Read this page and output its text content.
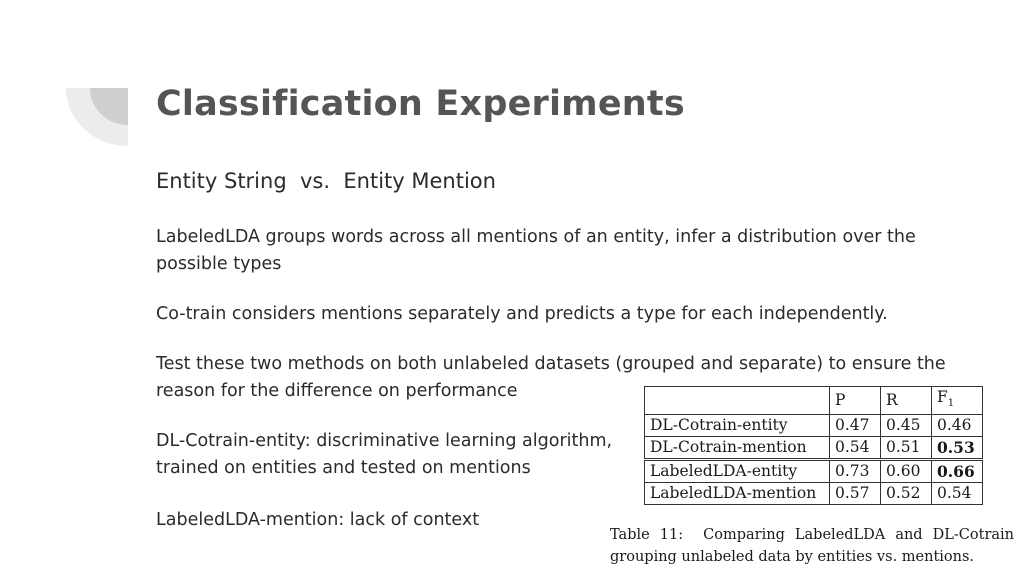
Classification Experiments
Entity String  vs.  Entity Mention
LabeledLDA groups words across all mentions of an entity, infer a distribution over the possible types
Co-train considers mentions separately and predicts a type for each independently.
Test these two methods on both unlabeled datasets (grouped and separate) to ensure the reason for the difference on performance
DL-Cotrain-entity: discriminative learning algorithm, trained on entities and tested on mentions
LabeledLDA-mention: lack of context
	P	R	$F_1$
DL-Cotrain-entity	0.47	0.45	0.46
DL-Cotrain-mention	0.54	0.51	0.53
LabeledLDA-entity	0.73	0.60	0.66
LabeledLDA-mention	0.57	0.52	0.54
Table 11:  Comparing LabeledLDA and DL-Cotrain grouping unlabeled data by entities vs. mentions.
